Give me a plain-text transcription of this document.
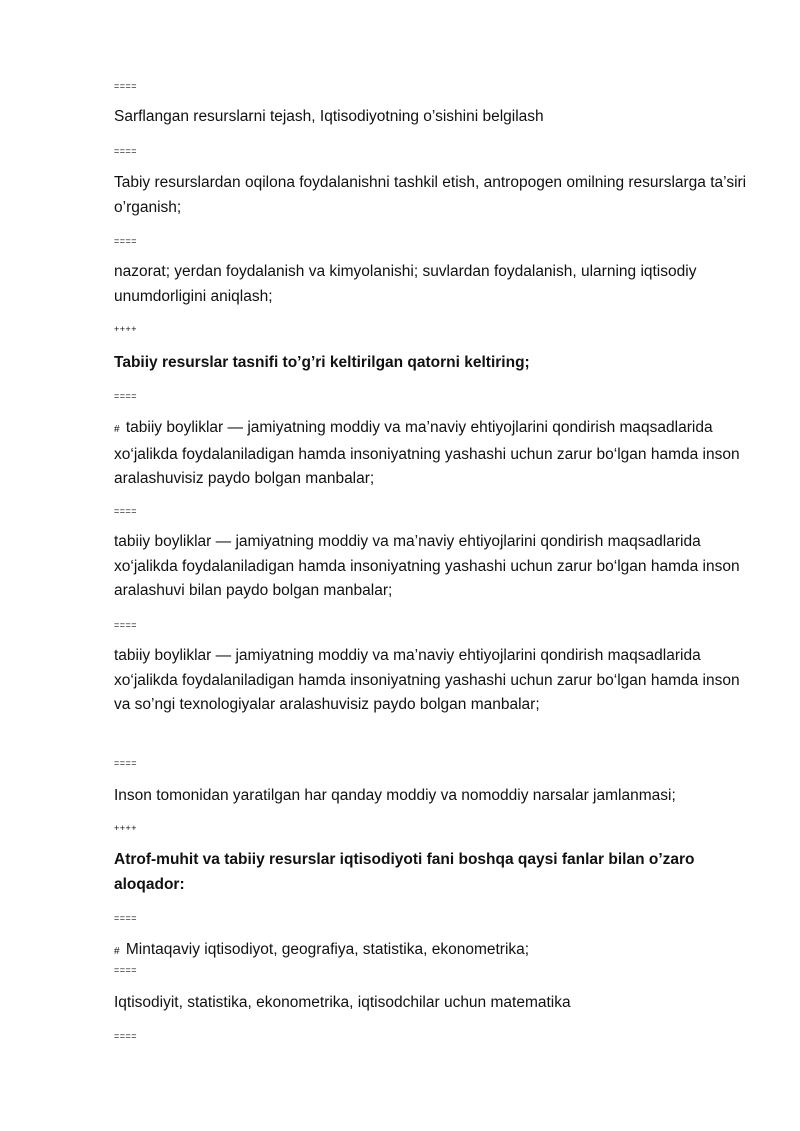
====
Sarflangan resurslarni tejash, Iqtisodiyotning o’sishini belgilash
====
Tabiy resurslardan oqilona foydalanishni tashkil etish, antropogen omilning resurslarga ta’siri o’rganish;
====
nazorat; yerdan foydalanish va kimyolanishi; suvlardan foydalanish, ularning iqtisodiy unumdorligini aniqlash;
++++
Tabiiy resurslar tasnifi to’g’ri keltirilgan qatorni keltiring;
====
# tabiiy boyliklar — jamiyatning moddiy va ma’naviy ehtiyojlarini qondirish maqsadlarida xo‘jalikda foydalaniladigan hamda insoniyatning yashashi uchun zarur bo‘lgan hamda inson aralashuvisiz paydo bolgan manbalar;
====
tabiiy boyliklar — jamiyatning moddiy va ma’naviy ehtiyojlarini qondirish maqsadlarida xo‘jalikda foydalaniladigan hamda insoniyatning yashashi uchun zarur bo‘lgan hamda inson aralashuvi bilan paydo bolgan manbalar;
====
tabiiy boyliklar — jamiyatning moddiy va ma’naviy ehtiyojlarini qondirish maqsadlarida xo‘jalikda foydalaniladigan hamda insoniyatning yashashi uchun zarur bo‘lgan hamda inson va so’ngi texnologiyalar aralashuvisiz paydo bolgan manbalar;
====
Inson tomonidan yaratilgan har qanday moddiy va nomoddiy narsalar jamlanmasi;
++++
Atrof-muhit va tabiiy resurslar iqtisodiyoti fani boshqa qaysi fanlar bilan o’zaro aloqador:
====
# Mintaqaviy iqtisodiyot, geografiya, statistika, ekonometrika;
====
Iqtisodiyit, statistika, ekonometrika, iqtisodchilar uchun matematika
====
